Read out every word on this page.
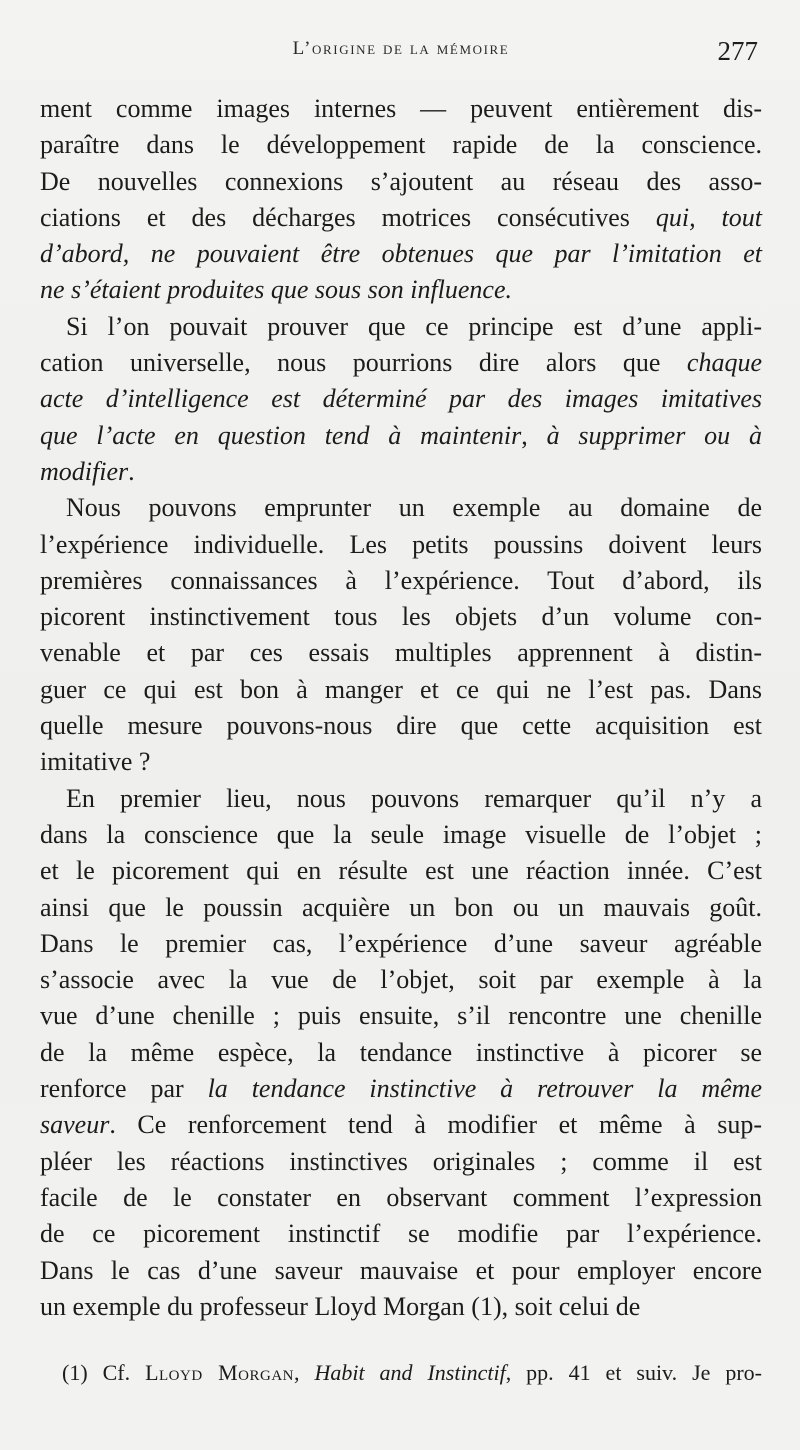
L’origine de la mémoire	277
ment comme images internes — peuvent entièrement dis-
paraître dans le développement rapide de la conscience.
De nouvelles connexions s’ajoutent au réseau des asso-
ciations et des décharges motrices consécutives qui, tout
d’abord, ne pouvaient être obtenues que par l’imitation et
ne s’étaient produites que sous son influence.
Si l’on pouvait prouver que ce principe est d’une appli-
cation universelle, nous pourrions dire alors que chaque
acte d’intelligence est déterminé par des images imitatives
que l’acte en question tend à maintenir, à supprimer ou à
modifier.
Nous pouvons emprunter un exemple au domaine de
l’expérience individuelle. Les petits poussins doivent leurs
premières connaissances à l’expérience. Tout d’abord, ils
picorent instinctivement tous les objets d’un volume con-
venable et par ces essais multiples apprennent à distin-
guer ce qui est bon à manger et ce qui ne l’est pas. Dans
quelle mesure pouvons-nous dire que cette acquisition est
imitative ?
En premier lieu, nous pouvons remarquer qu’il n’y a
dans la conscience que la seule image visuelle de l’objet ;
et le picorement qui en résulte est une réaction innée. C’est
ainsi que le poussin acquière un bon ou un mauvais goût.
Dans le premier cas, l’expérience d’une saveur agréable
s’associe avec la vue de l’objet, soit par exemple à la
vue d’une chenille ; puis ensuite, s’il rencontre une chenille
de la même espèce, la tendance instinctive à picorer se
renforce par la tendance instinctive à retrouver la même
saveur. Ce renforcement tend à modifier et même à sup-
pléer les réactions instinctives originales ; comme il est
facile de le constater en observant comment l’expression
de ce picorement instinctif se modifie par l’expérience.
Dans le cas d’une saveur mauvaise et pour employer encore
un exemple du professeur Lloyd Morgan (1), soit celui de
(1) Cf. Lloyd Morgan, Habit and Instinctif, pp. 41 et suiv. Je pro-
